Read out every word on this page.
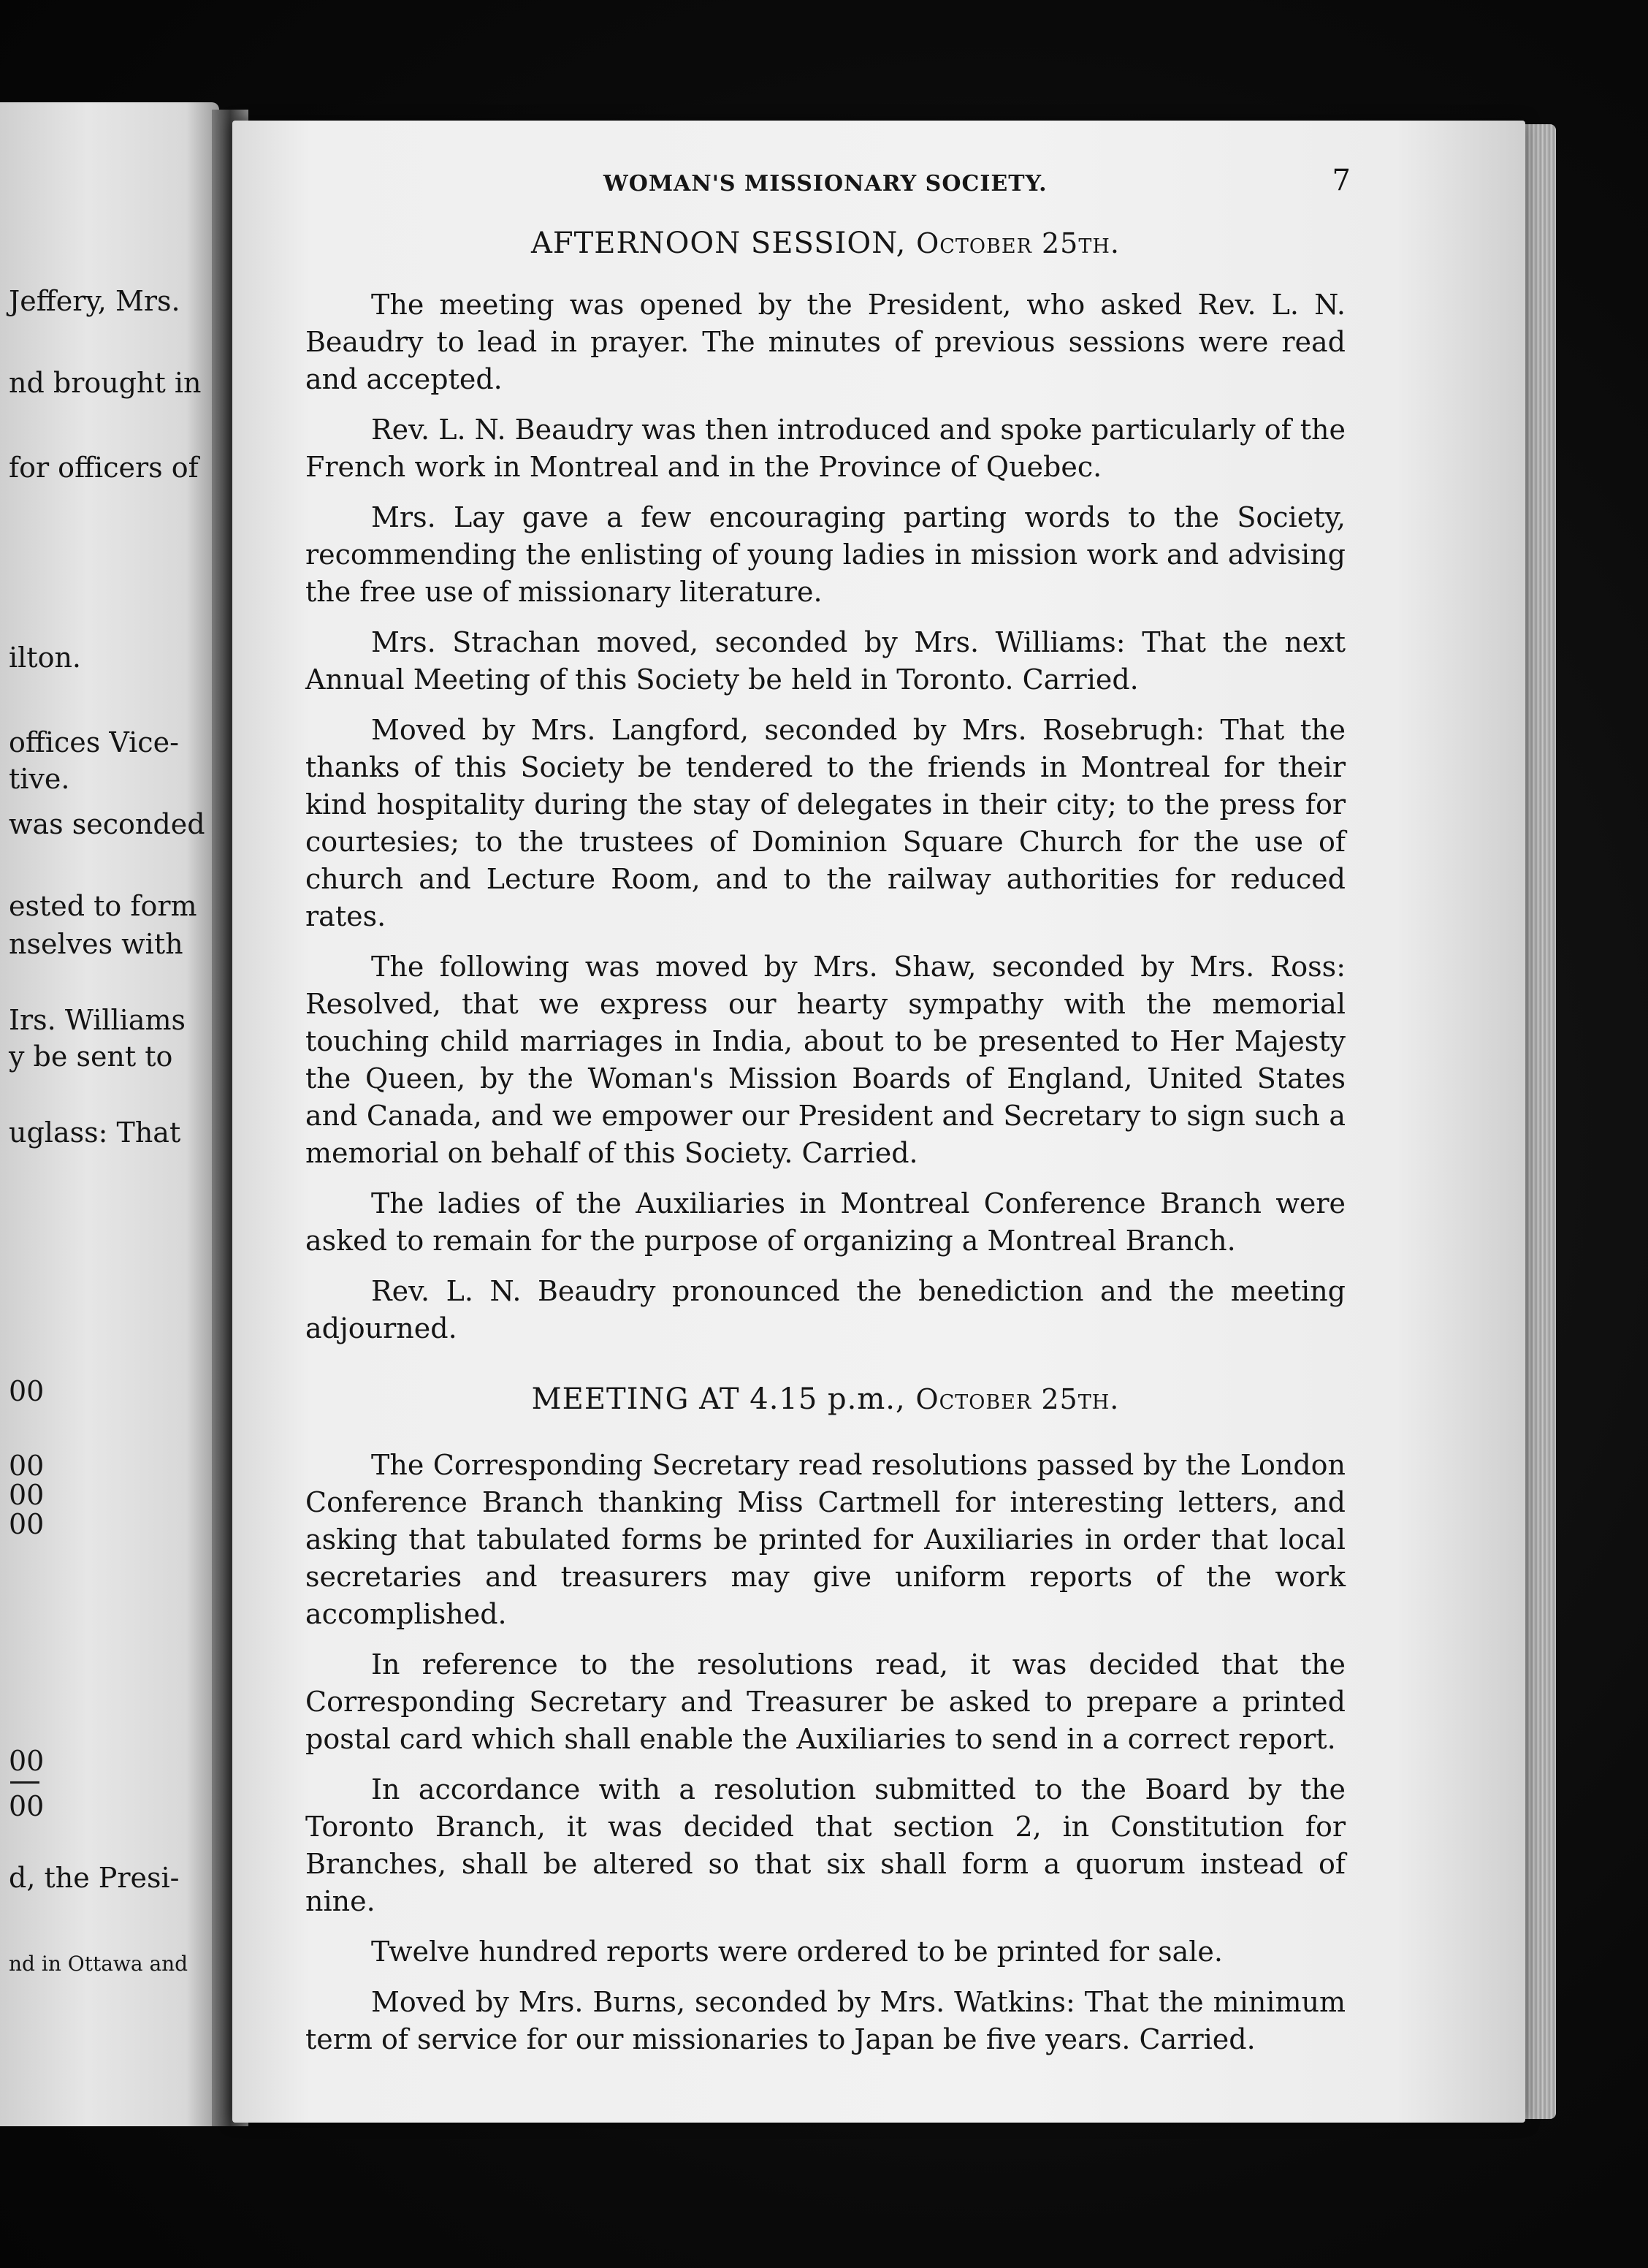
Jeffery, Mrs.
nd brought in
for officers of
ilton.
offices Vice-
tive.
was seconded
ested to form
nselves with
Irs. Williams
y be sent to
uglass: That
00
00
00
00
00
00
d, the Presi-
nd in Ottawa and
WOMAN'S MISSIONARY SOCIETY.	7
AFTERNOON SESSION, October 25th.

The meeting was opened by the President, who asked Rev. L. N. Beaudry to lead in prayer. The minutes of previous sessions were read and accepted.

Rev. L. N. Beaudry was then introduced and spoke particularly of the French work in Montreal and in the Province of Quebec.

Mrs. Lay gave a few encouraging parting words to the Society, recommending the enlisting of young ladies in mission work and advising the free use of missionary literature.

Mrs. Strachan moved, seconded by Mrs. Williams: That the next Annual Meeting of this Society be held in Toronto. Carried.

Moved by Mrs. Langford, seconded by Mrs. Rosebrugh: That the thanks of this Society be tendered to the friends in Montreal for their kind hospitality during the stay of delegates in their city; to the press for courtesies; to the trustees of Dominion Square Church for the use of church and Lecture Room, and to the railway authorities for reduced rates.

The following was moved by Mrs. Shaw, seconded by Mrs. Ross: Resolved, that we express our hearty sympathy with the memorial touching child marriages in India, about to be presented to Her Majesty the Queen, by the Woman's Mission Boards of England, United States and Canada, and we empower our President and Secretary to sign such a memorial on behalf of this Society. Carried.

The ladies of the Auxiliaries in Montreal Conference Branch were asked to remain for the purpose of organizing a Montreal Branch.

Rev. L. N. Beaudry pronounced the benediction and the meeting adjourned.

MEETING AT 4.15 p.m., October 25th.

The Corresponding Secretary read resolutions passed by the London Conference Branch thanking Miss Cartmell for interesting letters, and asking that tabulated forms be printed for Auxiliaries in order that local secretaries and treasurers may give uniform reports of the work accomplished.

In reference to the resolutions read, it was decided that the Corresponding Secretary and Treasurer be asked to prepare a printed postal card which shall enable the Auxiliaries to send in a correct report.

In accordance with a resolution submitted to the Board by the Toronto Branch, it was decided that section 2, in Constitution for Branches, shall be altered so that six shall form a quorum instead of nine.

Twelve hundred reports were ordered to be printed for sale.

Moved by Mrs. Burns, seconded by Mrs. Watkins: That the minimum term of service for our missionaries to Japan be five years. Carried.
